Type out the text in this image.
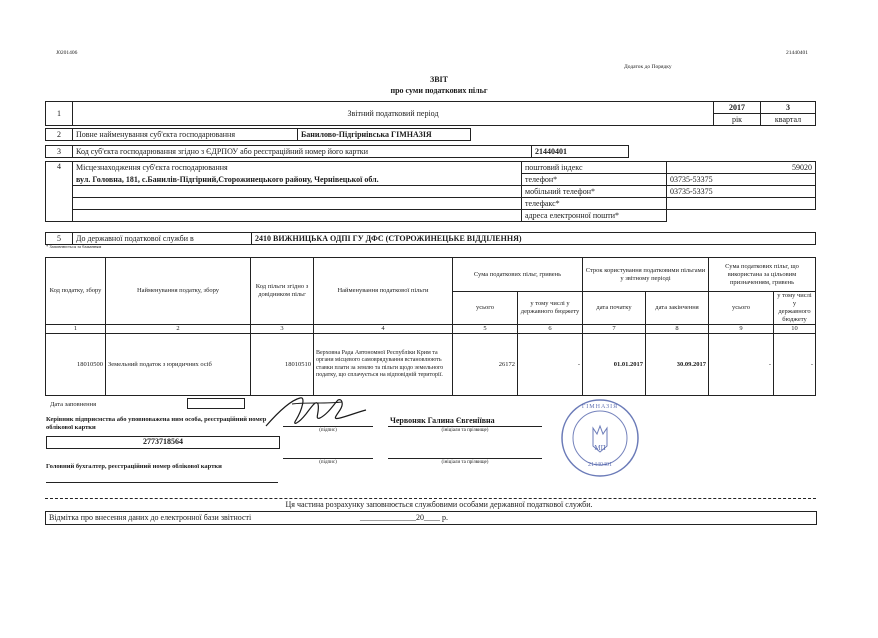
J0201406	21440401
Додаток до Порядку
ЗВІТ
про суми податкових пільг
1	Звітний податковий період	2017	3
		рік	квартал
2	Повне найменування суб'єкта господарювання	Банилово-Підгірнівська ГІМНАЗІЯ	
3	Код суб'єкта господарювання згідно з ЄДРПОУ або реєстраційний номер його картки	21440401	
4	Місцезнаходження суб'єкта господарювання	поштовий індекс	59020
	вул. Головна, 181, с.Банилів-Підгірний,Сторожинецького району, Чернівецької обл.	телефон*	03735-53375
		мобільний телефон*	03735-53375
		телефакс*	
		адреса електронної пошти*	
5	До державної податкової служби в	2410 ВИЖНИЦЬКА ОДПІ ГУ ДФС (СТОРОЖИНЕЦЬКЕ ВІДДІЛЕННЯ)
* Заповнюється за бажанням
Код податку, збору	Найменування податку, збору	Код пільги згідно з довідником пільг	Найменування податкової пільги	Сума податкових пільг, гривень		Строк користування податковими пільгами у звітному періоді		Сума податкових пільг, що використана за цільовим призначенням, гривень	
				усього	у тому числі у державного бюджету	дата початку	дата закінчення	усього	у тому числі у державного бюджету
1	2	3	4	5	6	7	8	9	10
18010500	Земельний податок з юридичних осіб	18010510	Верховна Рада Автономної Республіки Крим та органи місцевого самоврядування встановлюють ставки плати за землю та пільги щодо земельного податку, що сплачується на відповідній території.	26172	-	01.01.2017	30.09.2017	-	-
Дата заповнення
Керівник підприємства або уповноважена ним особа, реєстраційний номер облікової картки
2773718564
(підпис)
Червоняк Галина Євгеніївна
(ініціали та прізвище)
Головний бухгалтер, реєстраційний номер облікової картки
(підпис)	(ініціали та прізвище)
ГІМНАЗІЯ
МП
21440401
Ця частина розрахунку заповнюється службовими особами державної податкової служби.
Відмітка про внесення даних до електронної бази звітності	______________20____ р.
